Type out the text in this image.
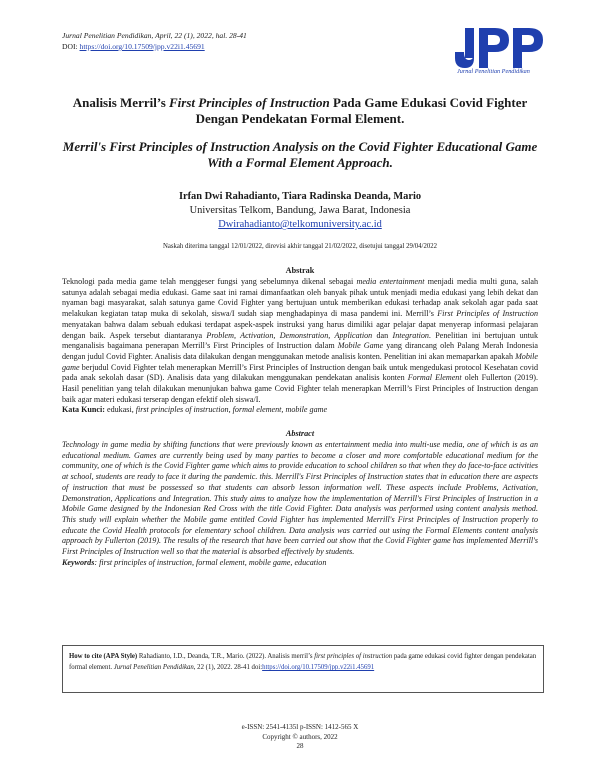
Jurnal Penelitian Pendidikan, April, 22 (1), 2022, hal. 28-41
DOI: https://doi.org/10.17509/jpp.v22i1.45691
Jurnal Penelitian Pendidikan
Analisis Merril’s First Principles of Instruction Pada Game Edukasi Covid Fighter Dengan Pendekatan Formal Element.
Merril's First Principles of Instruction Analysis on the Covid Fighter Educational Game With a Formal Element Approach.
Irfan Dwi Rahadianto, Tiara Radinska Deanda, Mario
Universitas Telkom, Bandung, Jawa Barat, Indonesia
Dwirahadianto@telkomuniversity.ac.id
Naskah diterima tanggal 12/01/2022, direvisi akhir tanggal 21/02/2022, disetujui tanggal 29/04/2022
Abstrak
Teknologi pada media game telah menggeser fungsi yang sebelumnya dikenal sebagai media entertainment menjadi media multi guna, salah satunya adalah sebagai media edukasi. Game saat ini ramai dimanfaatkan oleh banyak pihak untuk menjadi media edukasi yang lebih dekat dan nyaman bagi masyarakat, salah satunya game Covid Fighter yang bertujuan untuk memberikan edukasi terhadap anak sekolah agar pada saat melakukan kegiatan tatap muka di sekolah, siswa/I sudah siap menghadapinya di masa pandemi ini. Merrill’s First Principles of Instruction menyatakan bahwa dalam sebuah edukasi terdapat aspek-aspek instruksi yang harus dimiliki agar pelajar dapat menyerap informasi pelajaran dengan baik. Aspek tersebut diantaranya Problem, Activation, Demonstration, Application dan Integration. Penelitian ini bertujuan untuk menganalisis bagaimana penerapan Merrill’s First Principles of Instruction dalam Mobile Game yang dirancang oleh Palang Merah Indonesia dengan judul Covid Fighter. Analisis data dilakukan dengan menggunakan metode analisis konten. Penelitian ini akan memaparkan apakah Mobile game berjudul Covid Fighter telah menerapkan Merrill’s First Principles of Instruction dengan baik untuk mengedukasi protocol Kesehatan covid pada anak sekolah dasar (SD). Analisis data yang dilakukan menggunakan pendekatan analisis konten Formal Element oleh Fullerton (2019). Hasil penelitian yang telah dilakukan menunjukan bahwa game Covid Fighter telah menerapkan Merrill’s First Principles of Instruction dengan baik agar materi edukasi terserap dengan efektif oleh siswa/I.
Kata Kunci: edukasi, first principles of instruction, formal element, mobile game
Abstract
Technology in game media by shifting functions that were previously known as entertainment media into multi-use media, one of which is as an educational medium. Games are currently being used by many parties to become a closer and more comfortable educational medium for the community, one of which is the Covid Fighter game which aims to provide education to school children so that when they do face-to-face activities at school, students are ready to face it during the pandemic. this. Merrill's First Principles of Instruction states that in education there are aspects of instruction that must be possessed so that students can absorb lesson information well. These aspects include Problems, Activation, Demonstration, Applications and Integration. This study aims to analyze how the implementation of Merrill's First Principles of Instruction in a Mobile Game designed by the Indonesian Red Cross with the title Covid Fighter. Data analysis was performed using content analysis method. This study will explain whether the Mobile game entitled Covid Fighter has implemented Merrill's First Principles of Instruction properly to educate the Covid Health protocols for elementary school children. Data analysis was carried out using the Formal Elements content analysis approach by Fullerton (2019). The results of the research that have been carried out show that the Covid Fighter game has implemented Merrill's First Principles of Instruction well so that the material is absorbed effectively by students.
Keywords: first principles of instruction, formal element, mobile game, education
How to cite (APA Style) Rahadianto, I.D., Deanda, T.R., Mario. (2022). Analisis merril’s first principles of instruction pada game edukasi covid fighter dengan pendekatan formal element. Jurnal Penelitian Pendidikan, 22 (1), 2022. 28-41 doi:https://doi.org/10.17509/jpp.v22i1.45691
e-ISSN: 2541-4135l p-ISSN: 1412-565 X
Copyright © authors, 2022
28
